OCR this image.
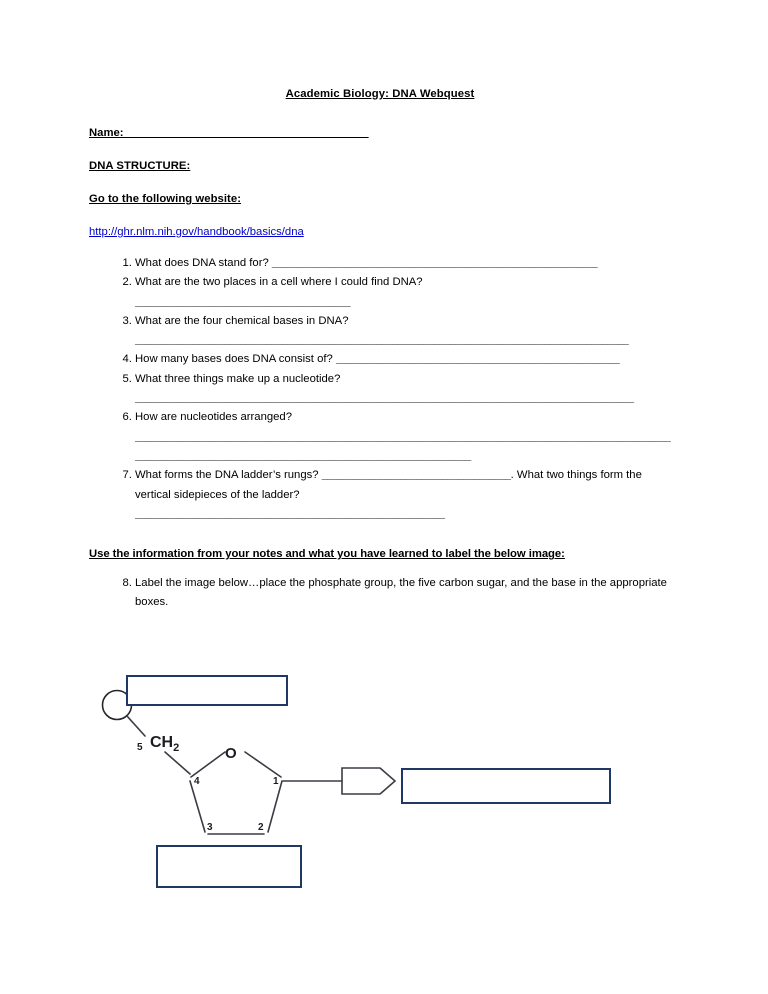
Academic Biology: DNA Webquest
Name:_______________________________________
DNA STRUCTURE:
Go to the following website:
http://ghr.nlm.nih.gov/handbook/basics/dna
1. What does DNA stand for? ______________________________________________________________
2. What are the two places in a cell where I could find DNA?
_________________________________________
3. What are the four chemical bases in DNA?
______________________________________________________________________________________________
4. How many bases does DNA consist of? ______________________________________________________
5. What three things make up a nucleotide?
_______________________________________________________________________________________________
6. How are nucleotides arranged?
______________________________________________________________________________________________________________________________________________________________________
7. What forms the DNA ladder’s rungs? ____________________________________. What two things form the vertical sidepieces of the ladder?
___________________________________________________________
Use the information from your notes and what you have learned to label the below image:
8. Label the image below…place the phosphate group, the five carbon sugar, and the base in the appropriate boxes.
O
$CH_2$
5
4	1
3	2
